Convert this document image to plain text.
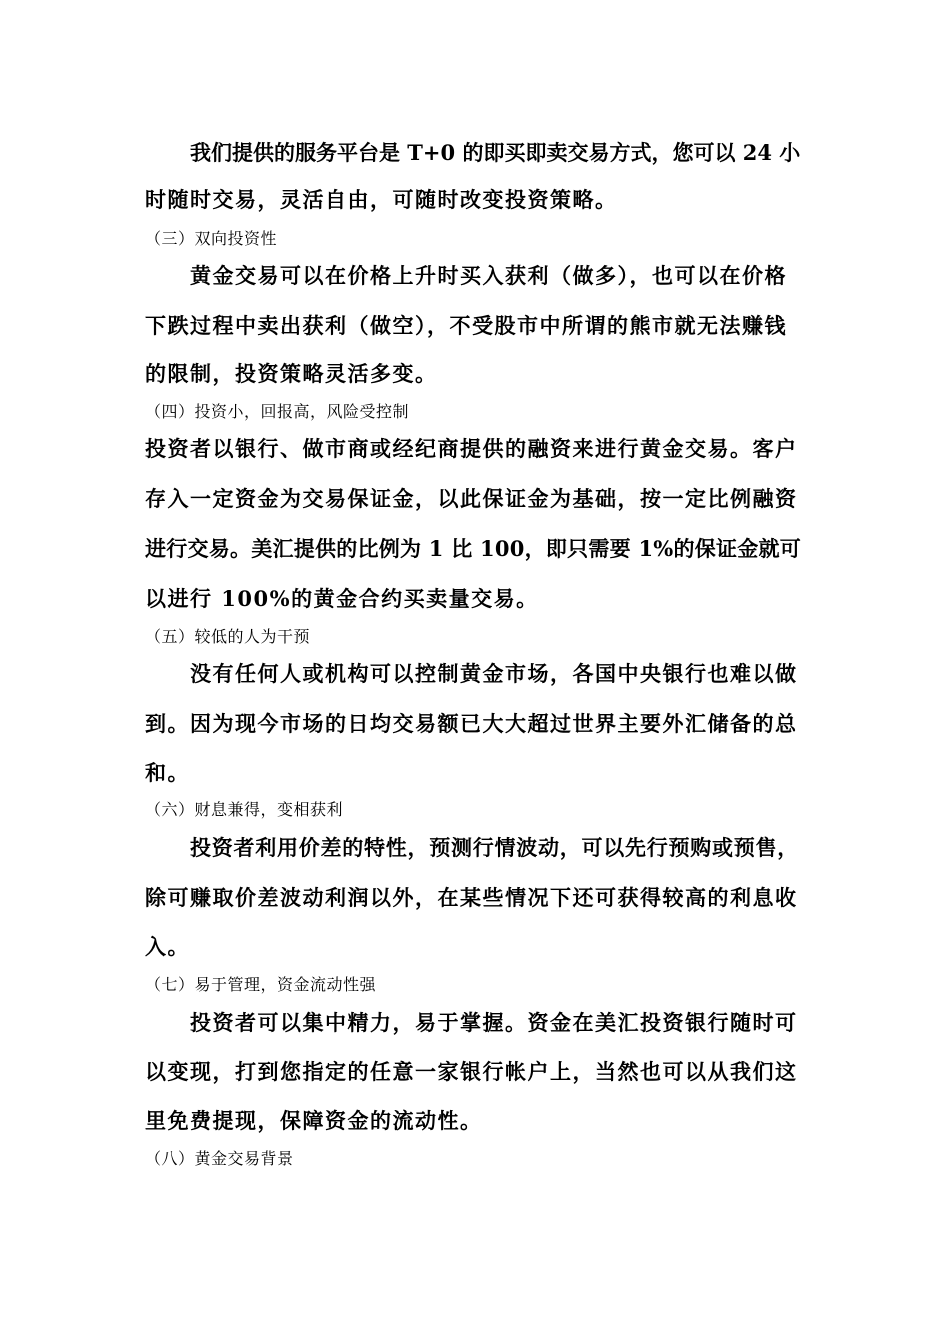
我们提供的服务平台是 T+0 的即买即卖交易方式，您可以 24 小
时随时交易，灵活自由，可随时改变投资策略。
（三）双向投资性
黄金交易可以在价格上升时买入获利（做多），也可以在价格
下跌过程中卖出获利（做空），不受股市中所谓的熊市就无法赚钱
的限制，投资策略灵活多变。
（四）投资小，回报高，风险受控制
投资者以银行、做市商或经纪商提供的融资来进行黄金交易。客户
存入一定资金为交易保证金，以此保证金为基础，按一定比例融资
进行交易。美汇提供的比例为 1 比 100，即只需要 1%的保证金就可
以进行 100%的黄金合约买卖量交易。
（五）较低的人为干预
没有任何人或机构可以控制黄金市场，各国中央银行也难以做
到。因为现今市场的日均交易额已大大超过世界主要外汇储备的总
和。
（六）财息兼得，变相获利
投资者利用价差的特性，预测行情波动，可以先行预购或预售，
除可赚取价差波动利润以外，在某些情况下还可获得较高的利息收
入。
（七）易于管理，资金流动性强
投资者可以集中精力，易于掌握。资金在美汇投资银行随时可
以变现，打到您指定的任意一家银行帐户上，当然也可以从我们这
里免费提现，保障资金的流动性。
（八）黄金交易背景
